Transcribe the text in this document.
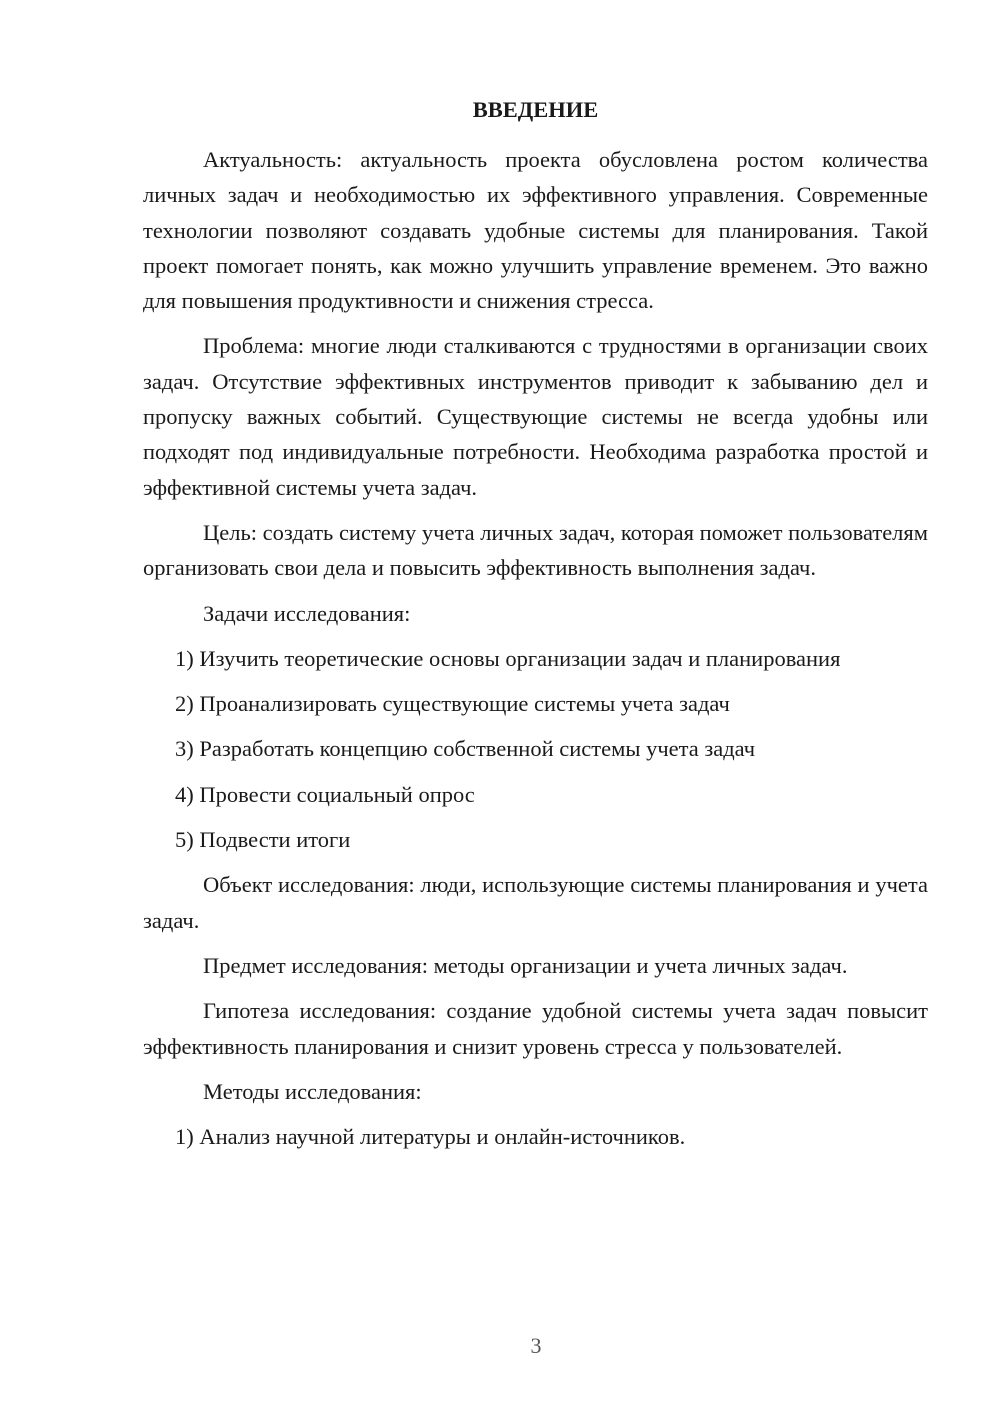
ВВЕДЕНИЕ

Актуальность: актуальность проекта обусловлена ростом количества личных задач и необходимостью их эффективного управления. Современные технологии позволяют создавать удобные системы для планирования. Такой проект помогает понять, как можно улучшить управление временем. Это важно для повышения продуктивности и снижения стресса.

Проблема: многие люди сталкиваются с трудностями в организации своих задач. Отсутствие эффективных инструментов приводит к забыванию дел и пропуску важных событий. Существующие системы не всегда удобны или подходят под индивидуальные потребности. Необходима разработка простой и эффективной системы учета задач.

Цель: создать систему учета личных задач, которая поможет пользователям организовать свои дела и повысить эффективность выполнения задач.

Задачи исследования:

1) Изучить теоретические основы организации задач и планирования
2) Проанализировать существующие системы учета задач
3) Разработать концепцию собственной системы учета задач
4) Провести социальный опрос
5) Подвести итоги

Объект исследования: люди, использующие системы планирования и учета задач.

Предмет исследования: методы организации и учета личных задач.

Гипотеза исследования: создание удобной системы учета задач повысит эффективность планирования и снизит уровень стресса у пользователей.

Методы исследования:

1) Анализ научной литературы и онлайн-источников.
3
